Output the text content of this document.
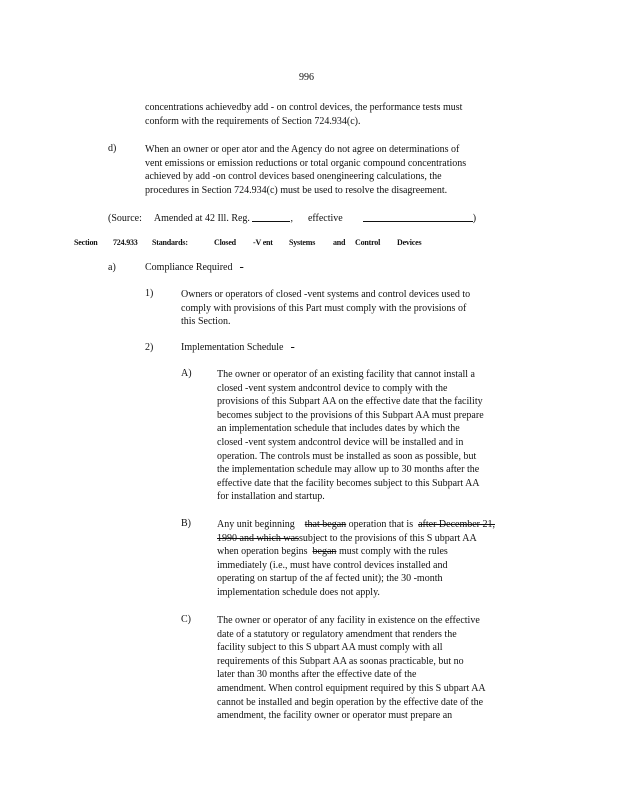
996
concentrations achievedby add - on control devices, the performance tests must
conform with the requirements of Section 724.934(c).
d)	When an owner or oper ator and the Agency do not agree on determinations of
vent emissions or emission reductions or total organic compound concentrations
achieved by add -on control devices based onengineering calculations, the
procedures in Section 724.934(c) must be used to resolve the disagreement.
(Source: Amended at 42 Ill. Reg.	, effective	)
Section 724.933 Standards:	Closed -V ent Systems and Control Devices
a)	Compliance Required -
1)	Owners or operators of closed -vent systems and control devices used to
comply with provisions of this Part must comply with the provisions of
this Section.
2)	Implementation Schedule -
A)	The owner or operator of an existing facility that cannot install a
closed -vent system andcontrol device to comply with the
provisions of this Subpart AA on the effective date that the facility
becomes subject to the provisions of this Subpart AA must prepare
an implementation schedule that includes dates by which the
closed -vent system andcontrol device will be installed and in
operation. The controls must be installed as soon as possible, but
the implementation schedule may allow up to 30 months after the
effective date that the facility becomes subject to this Subpart AA
for installation and startup.
B)	Any unit beginning that began operation that is after December 21,
1990 and which wassubject to the provisions of this S ubpart AA
when operation begins began must comply with the rules
immediately (i.e., must have control devices installed and
operating on startup of the af fected unit); the 30 -month
implementation schedule does not apply.
C)	The owner or operator of any facility in existence on the effective
date of a statutory or regulatory amendment that renders the
facility subject to this S ubpart AA must comply with all
requirements of this Subpart AA as soonas practicable, but no
later than 30 months after the effective date of the
amendment. When control equipment required by this S ubpart AA
cannot be installed and begin operation by the effective date of the
amendment, the facility owner or operator must prepare an
